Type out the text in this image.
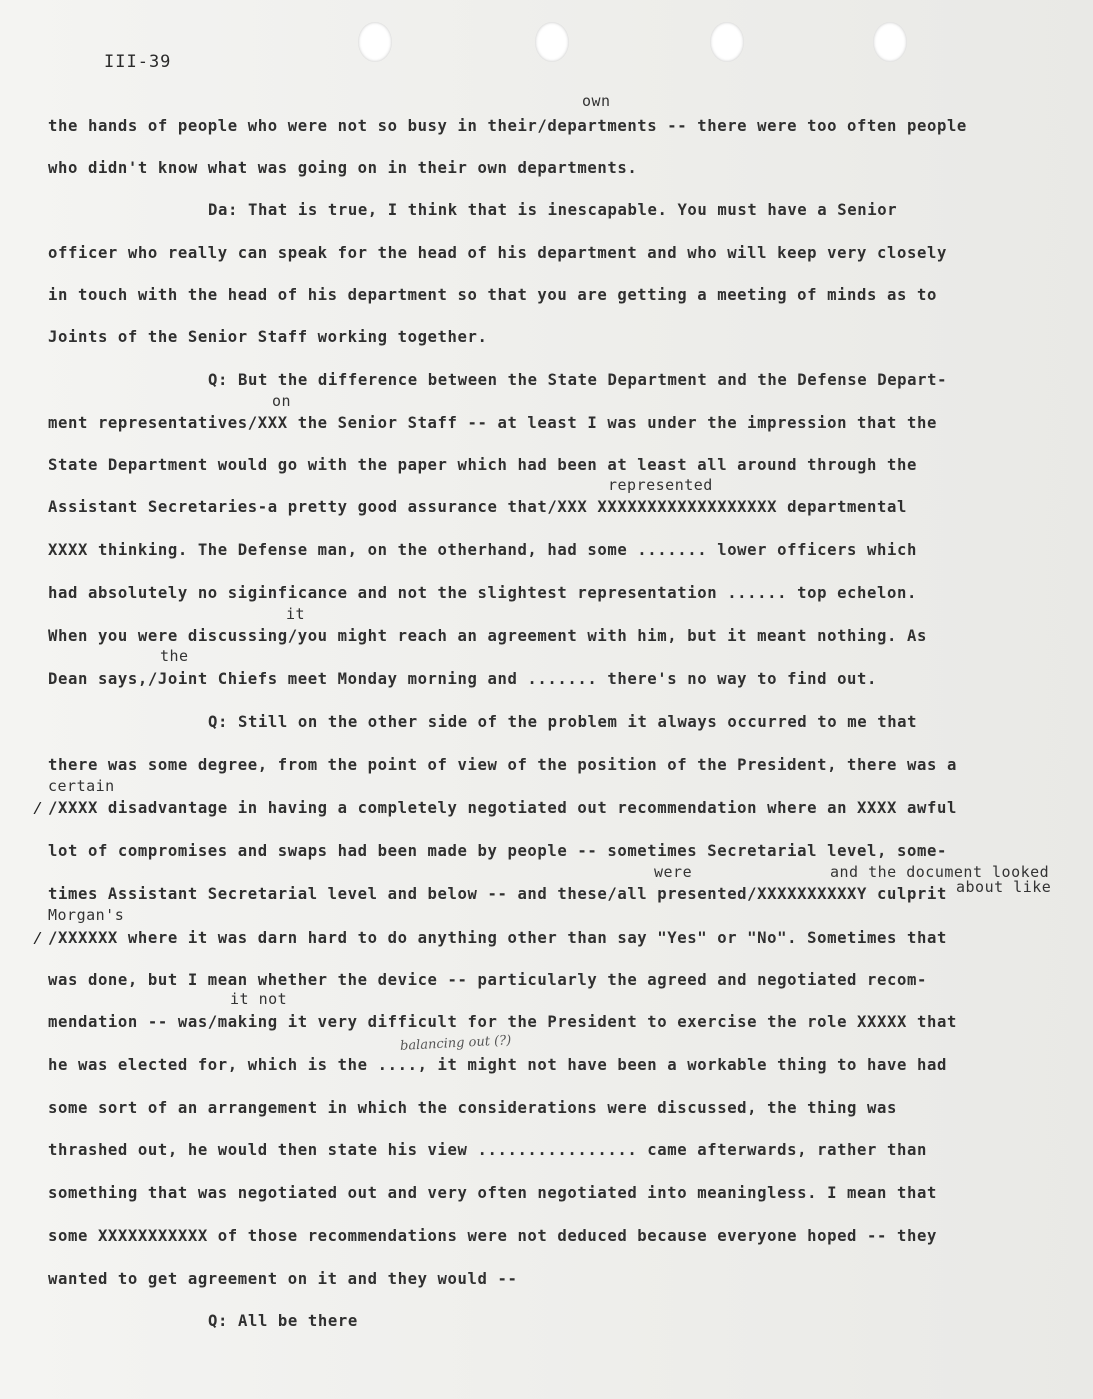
III-39
the hands of people who were not so busy in their/departments -- there were too often people
who didn't know what was going on in their own departments.
Da: That is true, I think that is inescapable. You must have a Senior
officer who really can speak for the head of his department and who will keep very closely
in touch with the head of his department so that you are getting a meeting of minds as to
Joints of the Senior Staff working together.
Q: But the difference between the State Department and the Defense Depart-
ment representatives/XXX the Senior Staff -- at least I was under the impression that the
State Department would go with the paper which had been at least all around through the
Assistant Secretaries-a pretty good assurance that/XXX XXXXXXXXXXXXXXXXXX departmental
XXXX thinking. The Defense man, on the otherhand, had some ....... lower officers which
had absolutely no siginficance and not the slightest representation ...... top echelon.
When you were discussing/you might reach an agreement with him, but it meant nothing. As
Dean says,/Joint Chiefs meet Monday morning and ....... there's no way to find out.
Q: Still on the other side of the problem it always occurred to me that
there was some degree, from the point of view of the position of the President, there was a
/XXXX disadvantage in having a completely negotiated out recommendation where an XXXX awful
lot of compromises and swaps had been made by people -- sometimes Secretarial level, some-
times Assistant Secretarial level and below -- and these/all presented/XXXXXXXXXXY culprit
/XXXXXX where it was darn hard to do anything other than say "Yes" or "No". Sometimes that
was done, but I mean whether the device -- particularly the agreed and negotiated recom-
mendation -- was/making it very difficult for the President to exercise the role XXXXX that
he was elected for, which is the ...., it might not have been a workable thing to have had
some sort of an arrangement in which the considerations were discussed, the thing was
thrashed out, he would then state his view ................ came afterwards, rather than
something that was negotiated out and very often negotiated into meaningless. I mean that
some XXXXXXXXXXX of those recommendations were not deduced because everyone hoped -- they
wanted to get agreement on it and they would --
Q: All be there
own
on
represented
it
the
certain
were	and the document looked
about like
Morgan's
it not
balancing out (?)
⁄
⁄
